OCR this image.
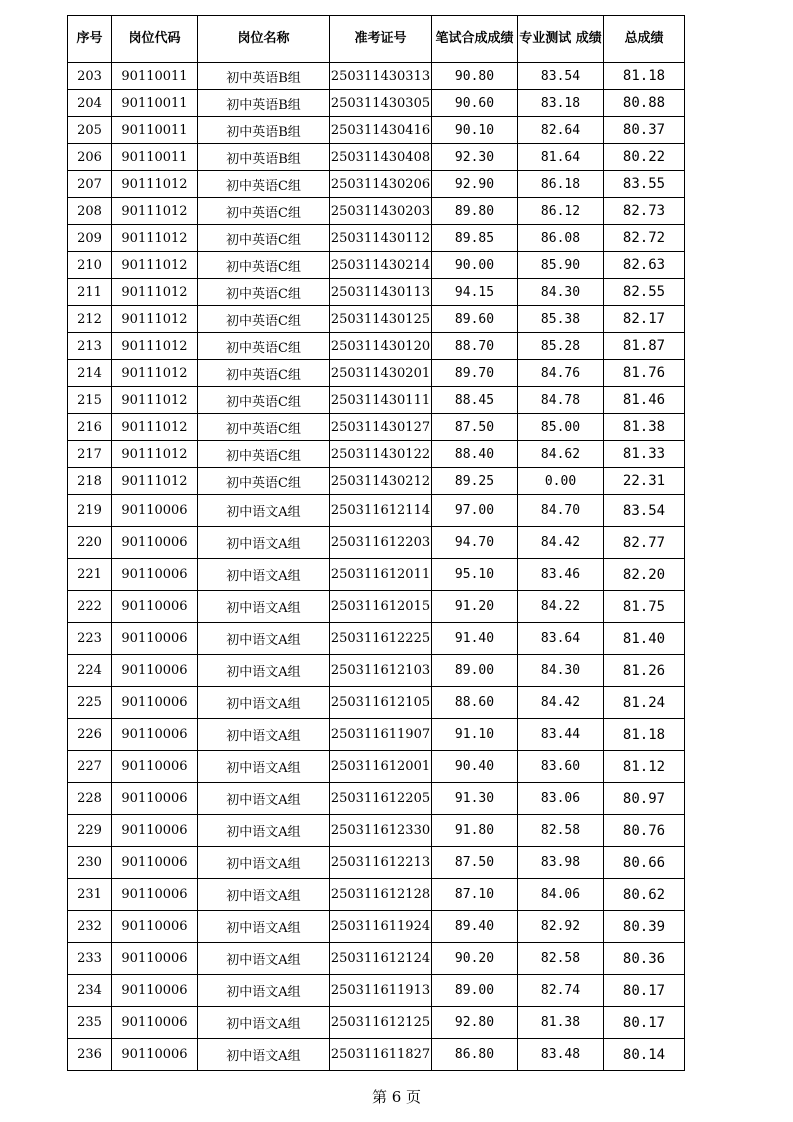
序号	岗位代码	岗位名称	准考证号	笔试合成成绩	专业测试 成绩	总成绩
203	90110011	初中英语B组	250311430313	90.80	83.54	81.18
204	90110011	初中英语B组	250311430305	90.60	83.18	80.88
205	90110011	初中英语B组	250311430416	90.10	82.64	80.37
206	90110011	初中英语B组	250311430408	92.30	81.64	80.22
207	90111012	初中英语C组	250311430206	92.90	86.18	83.55
208	90111012	初中英语C组	250311430203	89.80	86.12	82.73
209	90111012	初中英语C组	250311430112	89.85	86.08	82.72
210	90111012	初中英语C组	250311430214	90.00	85.90	82.63
211	90111012	初中英语C组	250311430113	94.15	84.30	82.55
212	90111012	初中英语C组	250311430125	89.60	85.38	82.17
213	90111012	初中英语C组	250311430120	88.70	85.28	81.87
214	90111012	初中英语C组	250311430201	89.70	84.76	81.76
215	90111012	初中英语C组	250311430111	88.45	84.78	81.46
216	90111012	初中英语C组	250311430127	87.50	85.00	81.38
217	90111012	初中英语C组	250311430122	88.40	84.62	81.33
218	90111012	初中英语C组	250311430212	89.25	0.00	22.31
219	90110006	初中语文A组	250311612114	97.00	84.70	83.54
220	90110006	初中语文A组	250311612203	94.70	84.42	82.77
221	90110006	初中语文A组	250311612011	95.10	83.46	82.20
222	90110006	初中语文A组	250311612015	91.20	84.22	81.75
223	90110006	初中语文A组	250311612225	91.40	83.64	81.40
224	90110006	初中语文A组	250311612103	89.00	84.30	81.26
225	90110006	初中语文A组	250311612105	88.60	84.42	81.24
226	90110006	初中语文A组	250311611907	91.10	83.44	81.18
227	90110006	初中语文A组	250311612001	90.40	83.60	81.12
228	90110006	初中语文A组	250311612205	91.30	83.06	80.97
229	90110006	初中语文A组	250311612330	91.80	82.58	80.76
230	90110006	初中语文A组	250311612213	87.50	83.98	80.66
231	90110006	初中语文A组	250311612128	87.10	84.06	80.62
232	90110006	初中语文A组	250311611924	89.40	82.92	80.39
233	90110006	初中语文A组	250311612124	90.20	82.58	80.36
234	90110006	初中语文A组	250311611913	89.00	82.74	80.17
235	90110006	初中语文A组	250311612125	92.80	81.38	80.17
236	90110006	初中语文A组	250311611827	86.80	83.48	80.14
第 6 页
